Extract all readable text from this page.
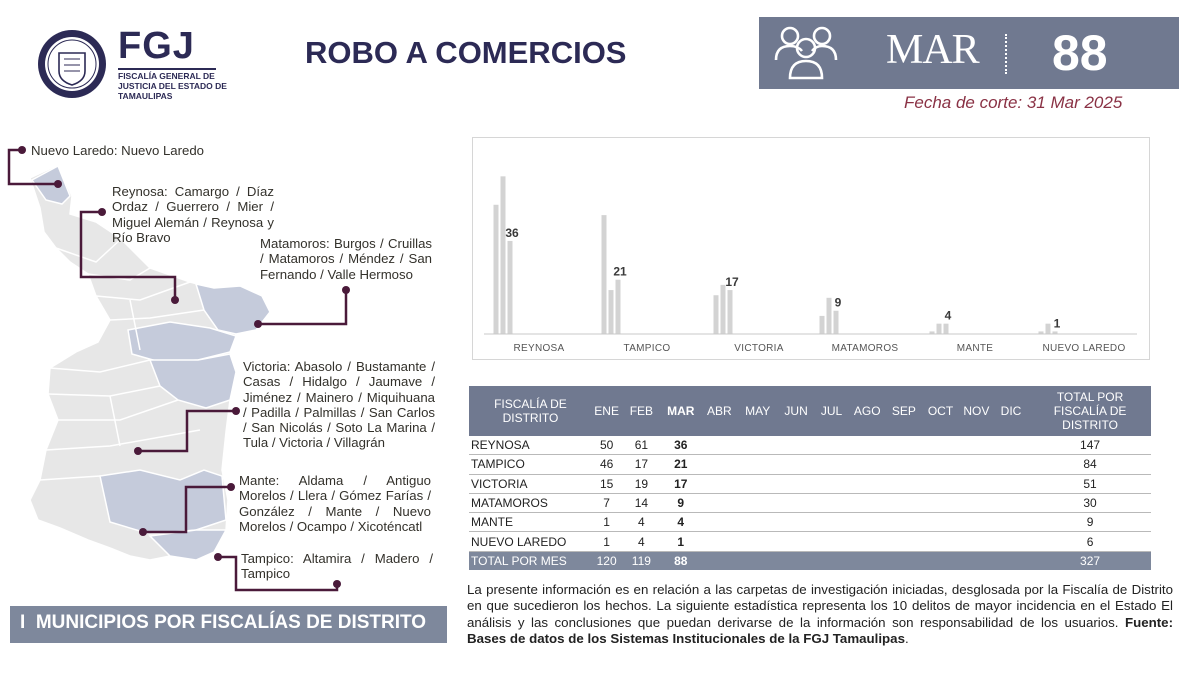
FGJ
FISCALÍA GENERAL DE JUSTICIA DEL ESTADO DE TAMAULIPAS
ROBO A COMERCIOS	MAR 88
Fecha de corte: 31 Mar 2025
Nuevo Laredo: Nuevo Laredo
Reynosa: Camargo / Díaz Ordaz / Guerrero / Mier / Miguel Alemán / Reynosa y Río Bravo	Matamoros: Burgos / Cruillas / Matamoros / Méndez / San Fernando / Valle Hermoso
Victoria: Abasolo / Bustamante / Casas / Hidalgo / Jaumave / Jiménez / Mainero / Miquihuana / Padilla / Palmillas / San Carlos / San Nicolás / Soto La Marina / Tula / Victoria / Villagrán
Mante: Aldama / Antiguo Morelos / Llera / Gómez Farías / González / Mante / Nuevo Morelos / Ocampo / Xicoténcatl
Tampico: Altamira / Madero / Tampico
I MUNICIPIOS POR FISCALÍAS DE DISTRITO
36
REYNOSA
21
TAMPICO
17
VICTORIA
9
MATAMOROS
4
MANTE
1
NUEVO LAREDO
FISCALÍA DE DISTRITO	ENE	FEB	MAR	ABR	MAY	JUN	JUL	AGO	SEP	OCT	NOV	DIC	TOTAL POR FISCALÍA DE DISTRITO
REYNOSA	50	61	36										147
TAMPICO	46	17	21										84
VICTORIA	15	19	17										51
MATAMOROS	7	14	9										30
MANTE	1	4	4										9
NUEVO LAREDO	1	4	1										6
TOTAL POR MES	120	119	88										327
La presente información es en relación a las carpetas de investigación iniciadas, desglosada por la Fiscalía de Distrito en que sucedieron los hechos. La siguiente estadística representa los 10 delitos de mayor incidencia en el Estado El análisis y las conclusiones que puedan derivarse de la información son responsabilidad de los usuarios. Fuente: Bases de datos de los Sistemas Institucionales de la FGJ Tamaulipas.
